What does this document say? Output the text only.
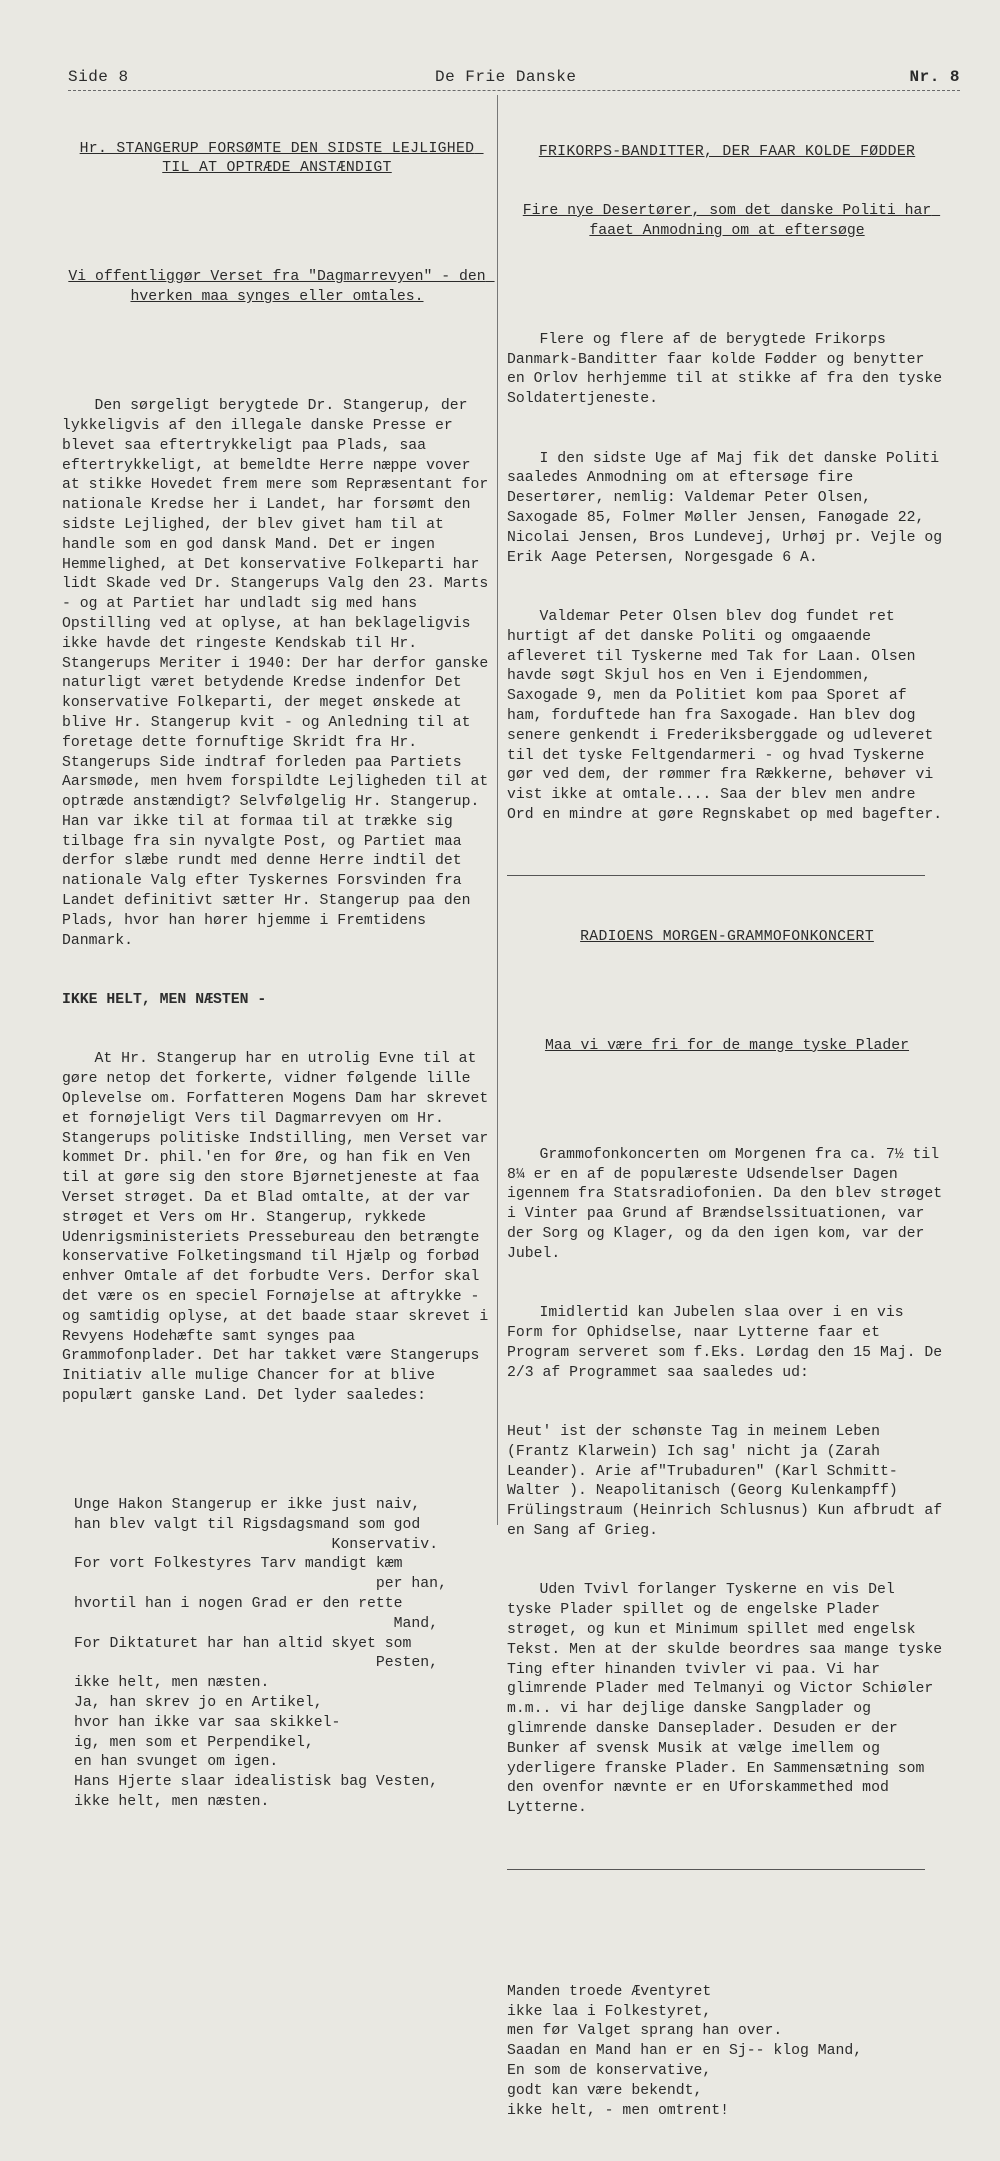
Side 8	De Frie Danske	Nr. 8

Hr. STANGERUP FORSØMTE DEN SIDSTE LEJLIGHED TIL AT OPTRÆDE ANSTÆNDIGT

Vi offentliggør Verset fra "Dagmarrevyen" - den hverken maa synges eller omtales.

Den sørgeligt berygtede Dr. Stangerup, der lykkeligvis af den illegale danske Presse er blevet saa eftertrykkeligt paa Plads, saa eftertrykkeligt, at bemeldte Herre næppe vover at stikke Hovedet frem mere som Repræsentant for nationale Kredse her i Landet, har forsømt den sidste Lejlighed, der blev givet ham til at handle som en god dansk Mand. Det er ingen Hemmelighed, at Det konservative Folkeparti har lidt Skade ved Dr. Stangerups Valg den 23. Marts - og at Partiet har undladt sig med hans Opstilling ved at oplyse, at han beklageligvis ikke havde det ringeste Kendskab til Hr. Stangerups Meriter i 1940: Der har derfor ganske naturligt været betydende Kredse indenfor Det konservative Folkeparti, der meget ønskede at blive Hr. Stangerup kvit - og Anledning til at foretage dette fornuftige Skridt fra Hr. Stangerups Side indtraf forleden paa Partiets Aarsmøde, men hvem forspildte Lejligheden til at optræde anstændigt? Selvfølgelig Hr. Stangerup. Han var ikke til at formaa til at trække sig tilbage fra sin nyvalgte Post, og Partiet maa derfor slæbe rundt med denne Herre indtil det nationale Valg efter Tyskernes Forsvinden fra Landet definitivt sætter Hr. Stangerup paa den Plads, hvor han hører hjemme i Fremtidens Danmark.

IKKE HELT, MEN NÆSTEN -

At Hr. Stangerup har en utrolig Evne til at gøre netop det forkerte, vidner følgende lille Oplevelse om. Forfatteren Mogens Dam har skrevet et fornøjeligt Vers til Dagmarrevyen om Hr. Stangerups politiske Indstilling, men Verset var kommet Dr. phil.'en for Øre, og han fik en Ven til at gøre sig den store Bjørnetjeneste at faa Verset strøget. Da et Blad omtalte, at der var strøget et Vers om Hr. Stangerup, rykkede Udenrigsministeriets Pressebureau den betrængte konservative Folketingsmand til Hjælp og forbød enhver Omtale af det forbudte Vers. Derfor skal det være os en speciel Fornøjelse at aftrykke - og samtidig oplyse, at det baade staar skrevet i Revyens Hodehæfte samt synges paa Grammofonplader. Det har takket være Stangerups Initiativ alle mulige Chancer for at blive populært ganske Land. Det lyder saaledes:

Unge Hakon Stangerup er ikke just naiv,
han blev valgt til Rigsdagsmand som god
Konservativ.
For vort Folkestyres Tarv mandigt kæm
per han,
hvortil han i nogen Grad er den rette
Mand,
For Diktaturet har han altid skyet som
Pesten,
ikke helt, men næsten.
Ja, han skrev jo en Artikel,
hvor han ikke var saa skikkel-
ig, men som et Perpendikel,
en han svunget om igen.
Hans Hjerte slaar idealistisk bag Vesten,
ikke helt, men næsten.

FRIKORPS-BANDITTER, DER FAAR KOLDE FØDDER

Fire nye Desertører, som det danske Politi har faaet Anmodning om at eftersøge

Flere og flere af de berygtede Frikorps Danmark-Banditter faar kolde Fødder og benytter en Orlov herhjemme til at stikke af fra den tyske Soldatertjeneste.

I den sidste Uge af Maj fik det danske Politi saaledes Anmodning om at eftersøge fire Desertører, nemlig: Valdemar Peter Olsen, Saxogade 85, Folmer Møller Jensen, Fanøgade 22, Nicolai Jensen, Bros Lundevej, Urhøj pr. Vejle og Erik Aage Petersen, Norgesgade 6 A.

Valdemar Peter Olsen blev dog fundet ret hurtigt af det danske Politi og omgaaende afleveret til Tyskerne med Tak for Laan. Olsen havde søgt Skjul hos en Ven i Ejendommen, Saxogade 9, men da Politiet kom paa Sporet af ham, forduftede han fra Saxogade. Han blev dog senere genkendt i Frederiksberggade og udleveret til det tyske Feltgendarmeri - og hvad Tyskerne gør ved dem, der rømmer fra Rækkerne, behøver vi vist ikke at omtale.... Saa der blev men andre Ord en mindre at gøre Regnskabet op med bagefter.

RADIOENS MORGEN-GRAMMOFONKONCERT

Maa vi være fri for de mange tyske Plader

Grammofonkoncerten om Morgenen fra ca. 7½ til 8¼ er en af de populæreste Udsendelser Dagen igennem fra Statsradiofonien. Da den blev strøget i Vinter paa Grund af Brændselssituationen, var der Sorg og Klager, og da den igen kom, var der Jubel.

Imidlertid kan Jubelen slaa over i en vis Form for Ophidselse, naar Lytterne faar et Program serveret som f.Eks. Lørdag den 15 Maj. De 2/3 af Programmet saa saaledes ud:

Heut' ist der schønste Tag in meinem Leben (Frantz Klarwein) Ich sag' nicht ja (Zarah Leander). Arie af"Trubaduren" (Karl Schmitt- Walter ). Neapolitanisch (Georg Kulenkampff) Frülingstraum (Heinrich Schlusnus) Kun afbrudt af en Sang af Grieg.

Uden Tvivl forlanger Tyskerne en vis Del tyske Plader spillet og de engelske Plader strøget, og kun et Minimum spillet med engelsk Tekst. Men at der skulde beordres saa mange tyske Ting efter hinanden tvivler vi paa. Vi har glimrende Plader med Telmanyi og Victor Schiøler m.m.. vi har dejlige danske Sangplader og glimrende danske Danseplader. Desuden er der Bunker af svensk Musik at vælge imellem og yderligere franske Plader. En Sammensætning som den ovenfor nævnte er en Uforskammethed mod Lytterne.

Manden troede Æventyret
ikke laa i Folkestyret,
men før Valget sprang han over.
Saadan en Mand han er en Sj-- klog Mand,
En som de konservative,
godt kan være bekendt,
ikke helt, - men omtrent!
